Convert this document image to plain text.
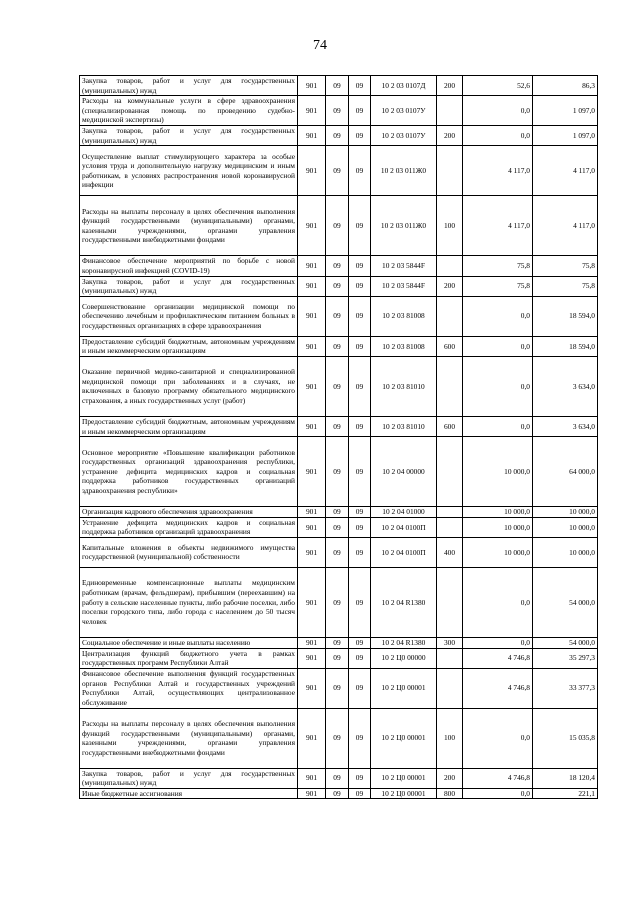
74
Закупка товаров, работ и услуг для государственных (муниципальных) нужд	901	09	09	10 2 03 0107Д	200	52,6	86,3
Расходы на коммунальные услуги в сфере здравоохранения (специализированная помощь по проведению судебно-медицинской экспертизы)	901	09	09	10 2 03 0107У		0,0	1 097,0
Закупка товаров, работ и услуг для государственных (муниципальных) нужд	901	09	09	10 2 03 0107У	200	0,0	1 097,0
Осуществление выплат стимулирующего характера за особые условия труда и дополнительную нагрузку медицинским и иным работникам, в условиях распространения новой коронавирусной инфекции	901	09	09	10 2 03 011Ж0		4 117,0	4 117,0
Расходы на выплаты персоналу в целях обеспечения выполнения функций государственными (муниципальными) органами, казенными учреждениями, органами управления государственными внебюджетными фондами	901	09	09	10 2 03 011Ж0	100	4 117,0	4 117,0
Финансовое обеспечение мероприятий по борьбе с новой коронавирусной инфекцией (COVID-19)	901	09	09	10 2 03 5844F		75,8	75,8
Закупка товаров, работ и услуг для государственных (муниципальных) нужд	901	09	09	10 2 03 5844F	200	75,8	75,8
Совершенствование организации медицинской помощи по обеспечению лечебным и профилактическим питанием больных в государственных организациях в сфере здравоохранения	901	09	09	10 2 03 81008		0,0	18 594,0
Предоставление субсидий бюджетным, автономным учреждениям и иным некоммерческим организациям	901	09	09	10 2 03 81008	600	0,0	18 594,0
Оказание первичной медико-санитарной и специализированной медицинской помощи при заболеваниях и в случаях, не включенных в базовую программу обязательного медицинского страхования, а иных государственных услуг (работ)	901	09	09	10 2 03 81010		0,0	3 634,0
Предоставление субсидий бюджетным, автономным учреждениям и иным некоммерческим организациям	901	09	09	10 2 03 81010	600	0,0	3 634,0
Основное мероприятие «Повышение квалификации работников государственных организаций здравоохранения республики, устранение дефицита медицинских кадров и социальная поддержка работников государственных организаций здравоохранения республики»	901	09	09	10 2 04 00000		10 000,0	64 000,0
Организация кадрового обеспечения здравоохранения	901	09	09	10 2 04 01000		10 000,0	10 000,0
Устранение дефицита медицинских кадров и социальная поддержка работников организаций здравоохранения	901	09	09	10 2 04 0100П		10 000,0	10 000,0
Капитальные вложения в объекты недвижимого имущества государственной (муниципальной) собственности	901	09	09	10 2 04 0100П	400	10 000,0	10 000,0
Единовременные компенсационные выплаты медицинским работникам (врачам, фельдшерам), прибывшим (переехавшим) на работу в сельские населенные пункты, либо рабочие поселки, либо поселки городского типа, либо города с населением до 50 тысяч человек	901	09	09	10 2 04 R1380		0,0	54 000,0
Социальное обеспечение и иные выплаты населению	901	09	09	10 2 04 R1380	300	0,0	54 000,0
Централизация функций бюджетного учета в рамках государственных программ Республики Алтай	901	09	09	10 2 Ц0 00000		4 746,8	35 297,3
Финансовое обеспечение выполнения функций государственных органов Республики Алтай и государственных учреждений Республики Алтай, осуществляющих централизованное обслуживание	901	09	09	10 2 Ц0 00001		4 746,8	33 377,3
Расходы на выплаты персоналу в целях обеспечения выполнения функций государственными (муниципальными) органами, казенными учреждениями, органами управления государственными внебюджетными фондами	901	09	09	10 2 Ц0 00001	100	0,0	15 035,8
Закупка товаров, работ и услуг для государственных (муниципальных) нужд	901	09	09	10 2 Ц0 00001	200	4 746,8	18 120,4
Иные бюджетные ассигнования	901	09	09	10 2 Ц0 00001	800	0,0	221,1
